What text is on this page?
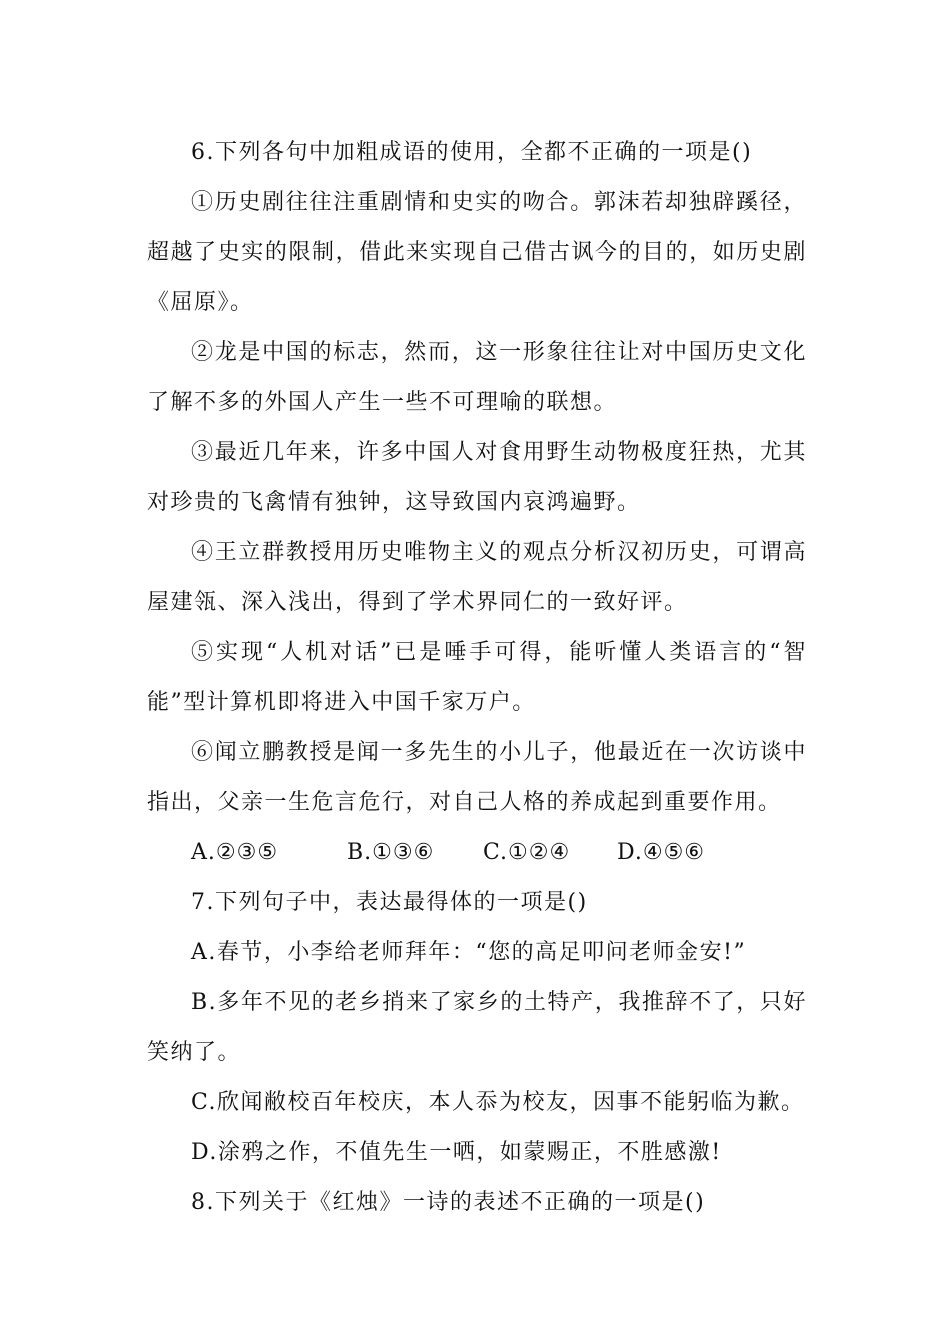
6.下列各句中加粗成语的使用，全都不正确的一项是()

①历史剧往往注重剧情和史实的吻合。郭沫若却独辟蹊径，超越了史实的限制，借此来实现自己借古讽今的目的，如历史剧《屈原》。

②龙是中国的标志，然而，这一形象往往让对中国历史文化了解不多的外国人产生一些不可理喻的联想。

③最近几年来，许多中国人对食用野生动物极度狂热，尤其对珍贵的飞禽情有独钟，这导致国内哀鸿遍野。

④王立群教授用历史唯物主义的观点分析汉初历史，可谓高屋建瓴、深入浅出，得到了学术界同仁的一致好评。

⑤实现“人机对话”已是唾手可得，能听懂人类语言的“智能”型计算机即将进入中国千家万户。

⑥闻立鹏教授是闻一多先生的小儿子，他最近在一次访谈中指出，父亲一生危言危行，对自己人格的养成起到重要作用。

A.②③⑤	B.①③⑥	C.①②④	D.④⑤⑥

7.下列句子中，表达最得体的一项是()

A.春节，小李给老师拜年：“您的高足叩问老师金安!”

B.多年不见的老乡捎来了家乡的土特产，我推辞不了，只好笑纳了。

C.欣闻敝校百年校庆，本人忝为校友，因事不能躬临为歉。

D.涂鸦之作，不值先生一哂，如蒙赐正，不胜感激!

8.下列关于《红烛》一诗的表述不正确的一项是()
